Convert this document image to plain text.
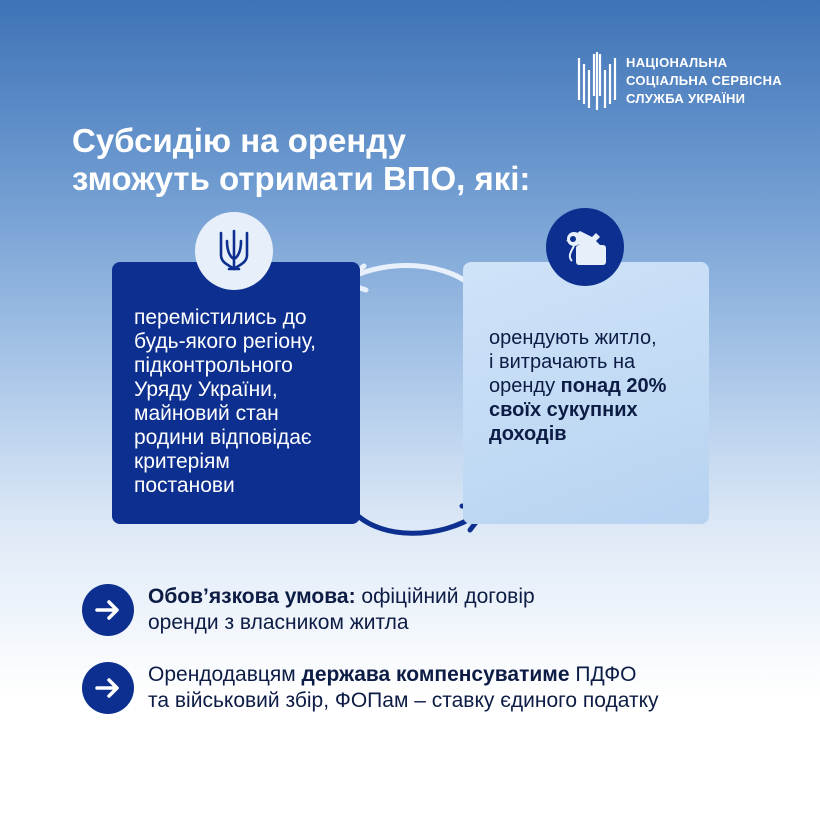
НАЦІОНАЛЬНА
СОЦІАЛЬНА СЕРВІСНА
СЛУЖБА УКРАЇНИ
Субсидію на оренду
зможуть отримати ВПО, які:
перемістились до
будь-якого регіону,
підконтрольного
Уряду України,
майновий стан
родини відповідає
критеріям
постанови
орендують житло,
і витрачають на
оренду понад 20%
своїх сукупних
доходів
Обов’язкова умова: офіційний договір
оренди з власником житла
Орендодавцям держава компенсуватиме ПДФО
та військовий збір, ФОПам – ставку єдиного податку
